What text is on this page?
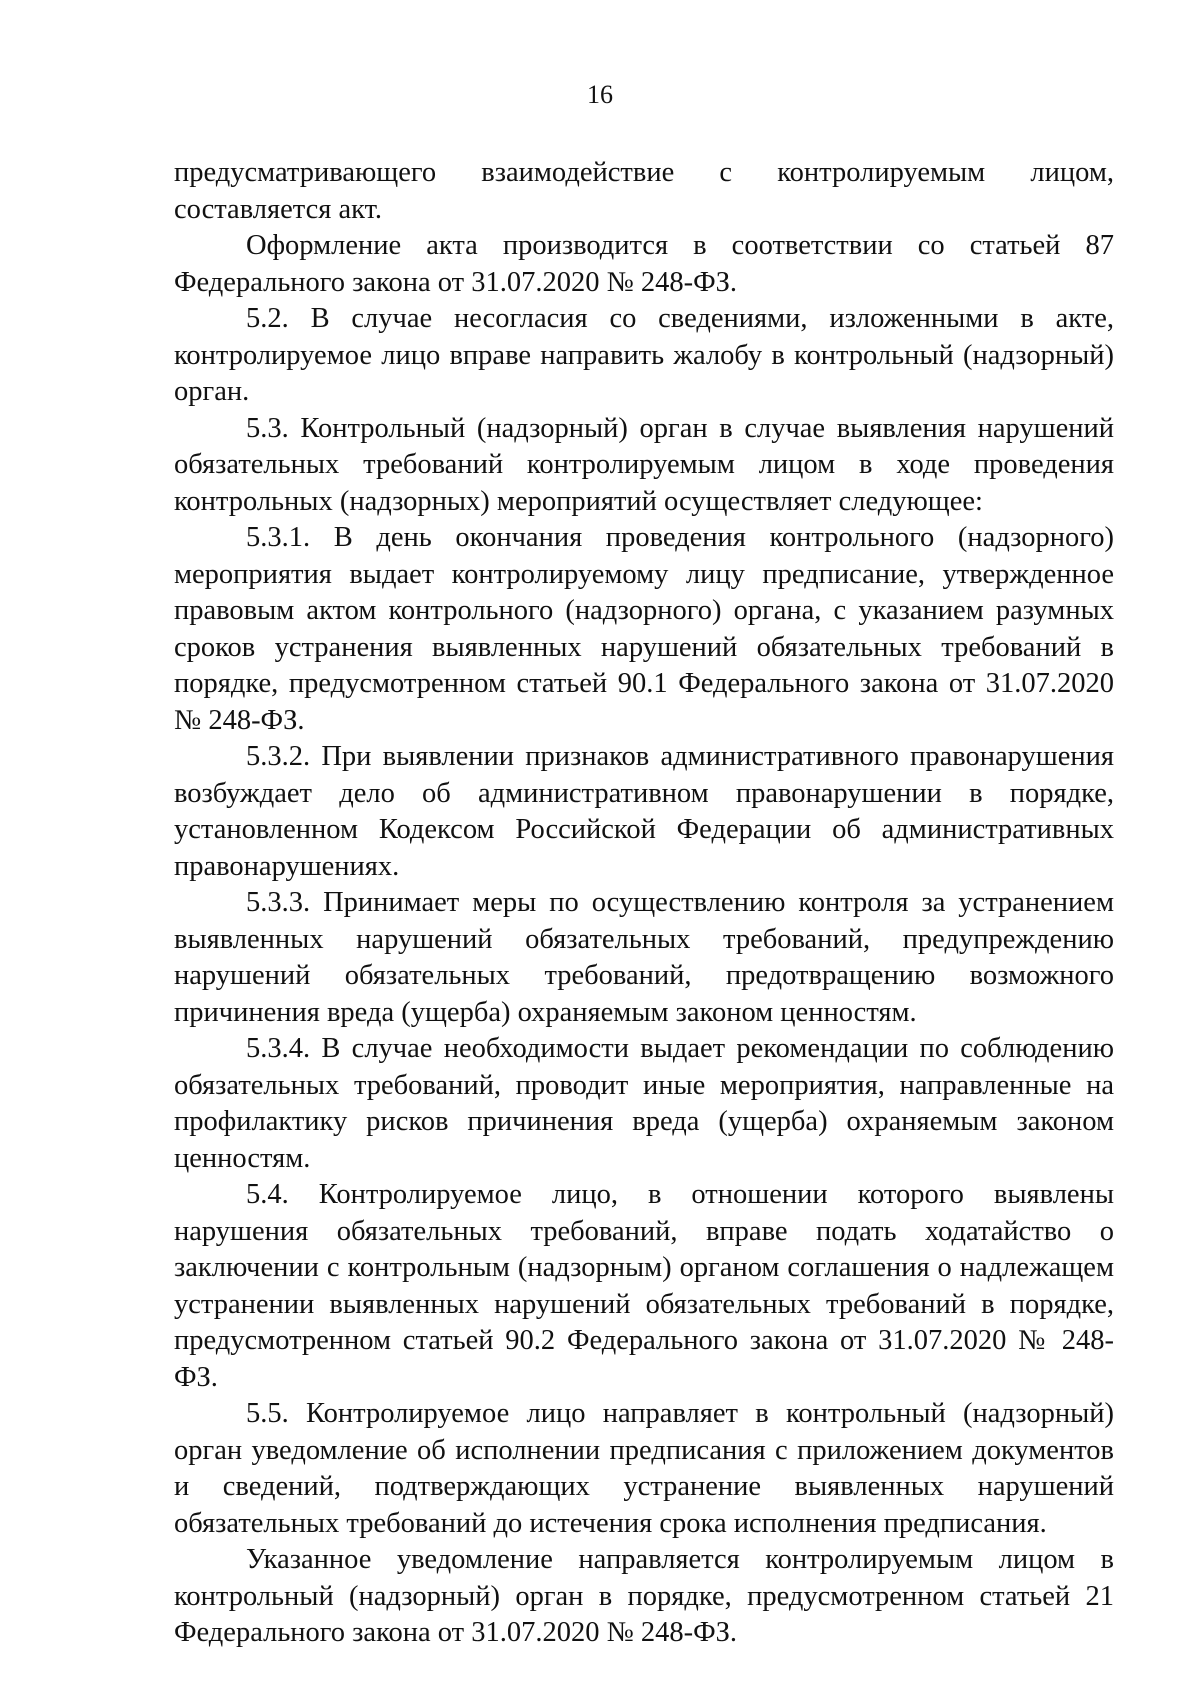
16

предусматривающего взаимодействие с контролируемым лицом, составляется акт.

Оформление акта производится в соответствии со статьей 87 Федерального закона от 31.07.2020 № 248-ФЗ.

5.2. В случае несогласия со сведениями, изложенными в акте, контролируемое лицо вправе направить жалобу в контрольный (надзорный) орган.

5.3. Контрольный (надзорный) орган в случае выявления нарушений обязательных требований контролируемым лицом в ходе проведения контрольных (надзорных) мероприятий осуществляет следующее:

5.3.1. В день окончания проведения контрольного (надзорного) мероприятия выдает контролируемому лицу предписание, утвержденное правовым актом контрольного (надзорного) органа, с указанием разумных сроков устранения выявленных нарушений обязательных требований в порядке, предусмотренном статьей 90.1 Федерального закона от 31.07.2020 № 248-ФЗ.

5.3.2. При выявлении признаков административного правонарушения возбуждает дело об административном правонарушении в порядке, установленном Кодексом Российской Федерации об административных правонарушениях.

5.3.3. Принимает меры по осуществлению контроля за устранением выявленных нарушений обязательных требований, предупреждению нарушений обязательных требований, предотвращению возможного причинения вреда (ущерба) охраняемым законом ценностям.

5.3.4. В случае необходимости выдает рекомендации по соблюдению обязательных требований, проводит иные мероприятия, направленные на профилактику рисков причинения вреда (ущерба) охраняемым законом ценностям.

5.4. Контролируемое лицо, в отношении которого выявлены нарушения обязательных требований, вправе подать ходатайство о заключении с контрольным (надзорным) органом соглашения о надлежащем устранении выявленных нарушений обязательных требований в порядке, предусмотренном статьей 90.2 Федерального закона от 31.07.2020 № 248-ФЗ.

5.5. Контролируемое лицо направляет в контрольный (надзорный) орган уведомление об исполнении предписания с приложением документов и сведений, подтверждающих устранение выявленных нарушений обязательных требований до истечения срока исполнения предписания.

Указанное уведомление направляется контролируемым лицом в контрольный (надзорный) орган в порядке, предусмотренном статьей 21 Федерального закона от 31.07.2020 № 248-ФЗ.
